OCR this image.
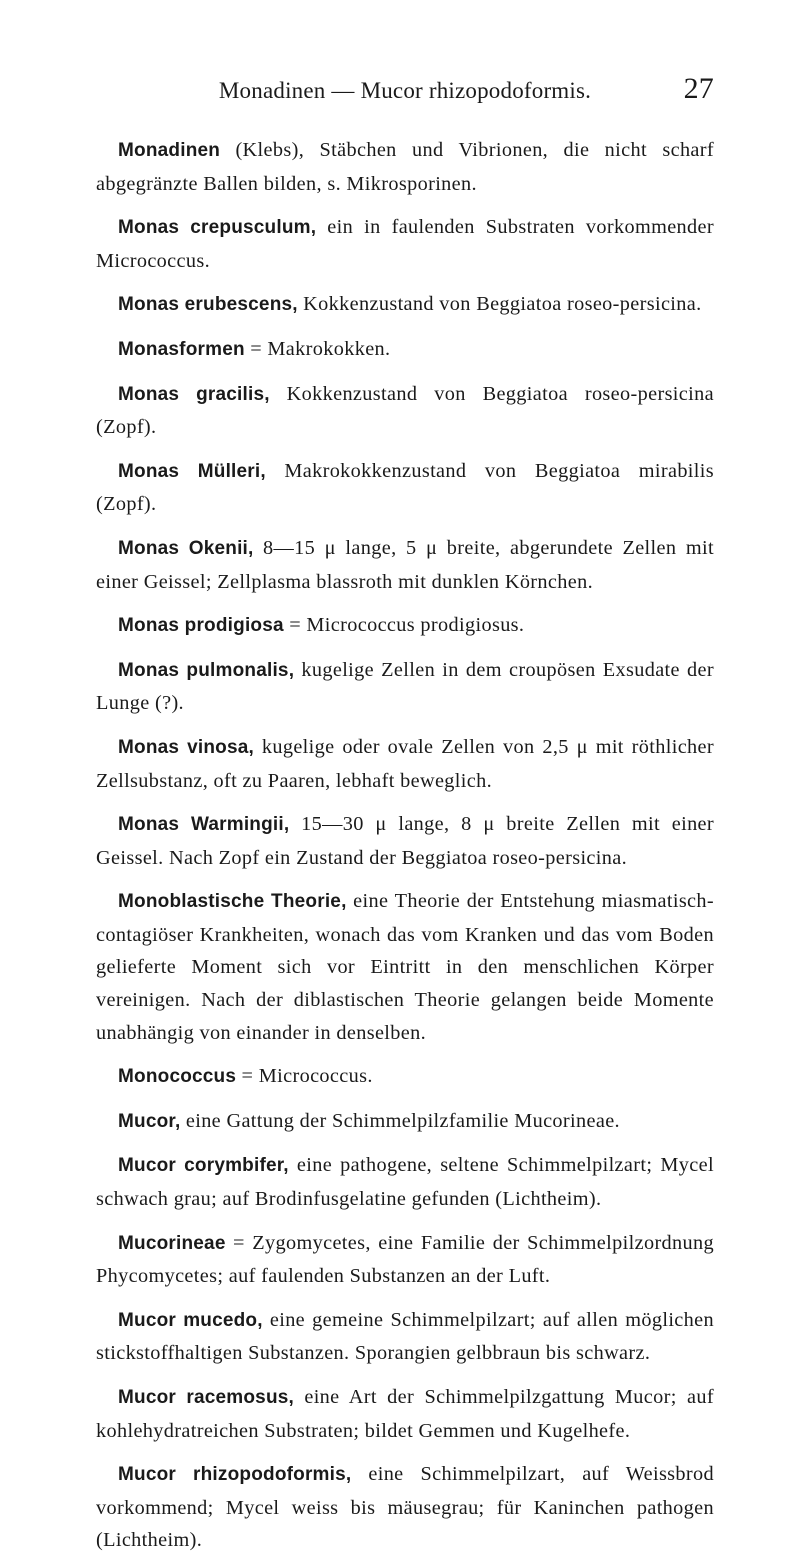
Monadinen — Mucor rhizopodoformis.	27

Monadinen (Klebs), Stäbchen und Vibrionen, die nicht scharf abgegränzte Ballen bilden, s. Mikrosporinen.

Monas crepusculum, ein in faulenden Substraten vorkommender Micrococcus.

Monas erubescens, Kokkenzustand von Beggiatoa roseo-persicina.

Monasformen = Makrokokken.

Monas gracilis, Kokkenzustand von Beggiatoa roseo-persicina (Zopf).

Monas Mülleri, Makrokokkenzustand von Beggiatoa mirabilis (Zopf).

Monas Okenii, 8—15 μ lange, 5 μ breite, abgerundete Zellen mit einer Geissel; Zellplasma blassroth mit dunklen Körnchen.

Monas prodigiosa = Micrococcus prodigiosus.

Monas pulmonalis, kugelige Zellen in dem croupösen Exsudate der Lunge (?).

Monas vinosa, kugelige oder ovale Zellen von 2,5 μ mit röthlicher Zellsubstanz, oft zu Paaren, lebhaft beweglich.

Monas Warmingii, 15—30 μ lange, 8 μ breite Zellen mit einer Geissel. Nach Zopf ein Zustand der Beggiatoa roseo-persicina.

Monoblastische Theorie, eine Theorie der Entstehung miasmatisch-contagiöser Krankheiten, wonach das vom Kranken und das vom Boden gelieferte Moment sich vor Eintritt in den menschlichen Körper vereinigen. Nach der diblastischen Theorie gelangen beide Momente unabhängig von einander in denselben.

Monococcus = Micrococcus.

Mucor, eine Gattung der Schimmelpilzfamilie Mucorineae.

Mucor corymbifer, eine pathogene, seltene Schimmelpilzart; Mycel schwach grau; auf Brodinfusgelatine gefunden (Lichtheim).

Mucorineae = Zygomycetes, eine Familie der Schimmelpilzordnung Phycomycetes; auf faulenden Substanzen an der Luft.

Mucor mucedo, eine gemeine Schimmelpilzart; auf allen möglichen stickstoffhaltigen Substanzen. Sporangien gelbbraun bis schwarz.

Mucor racemosus, eine Art der Schimmelpilzgattung Mucor; auf kohlehydratreichen Substraten; bildet Gemmen und Kugelhefe.

Mucor rhizopodoformis, eine Schimmelpilzart, auf Weissbrod vorkommend; Mycel weiss bis mäusegrau; für Kaninchen pathogen (Lichtheim).
